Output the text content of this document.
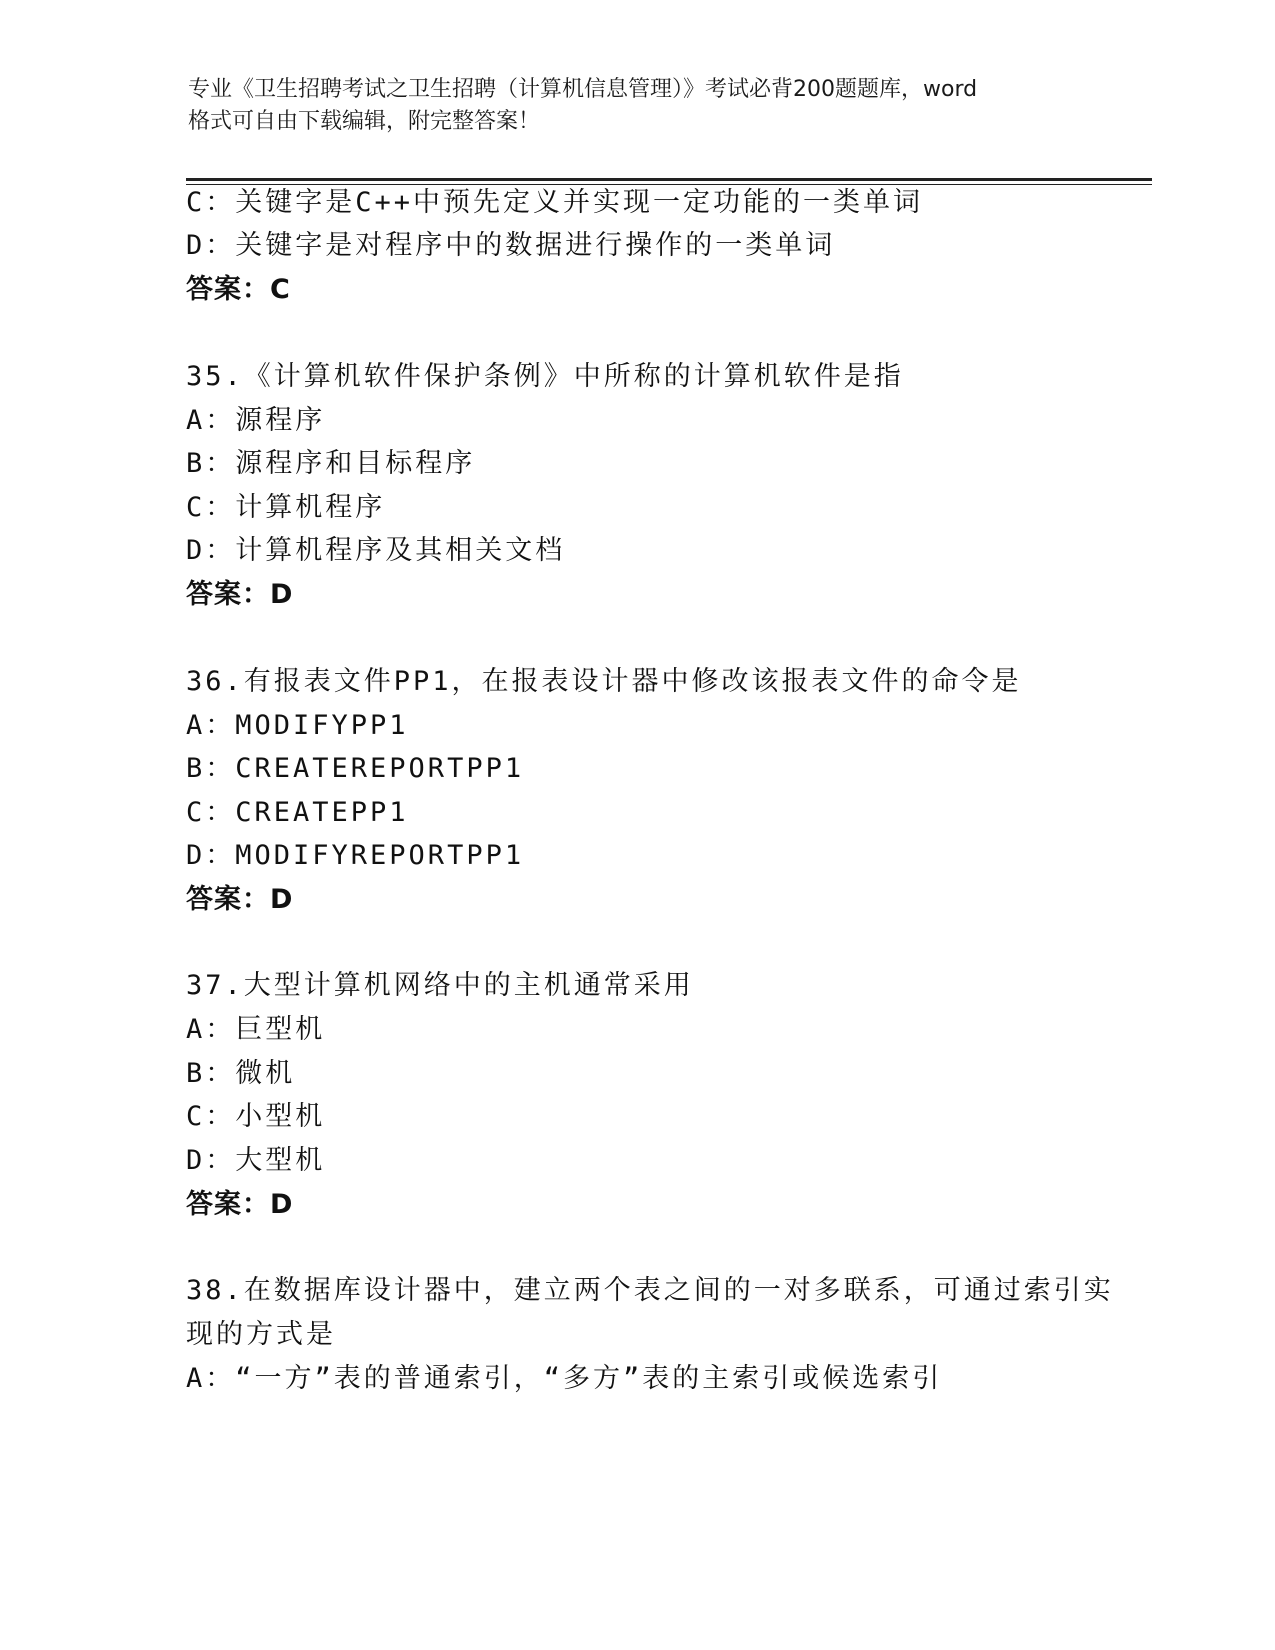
专业《卫生招聘考试之卫生招聘（计算机信息管理）》考试必背200题题库，word
格式可自由下载编辑，附完整答案！
C：关键字是C++中预先定义并实现一定功能的一类单词
D：关键字是对程序中的数据进行操作的一类单词
答案：C
35.《计算机软件保护条例》中所称的计算机软件是指
A：源程序
B：源程序和目标程序
C：计算机程序
D：计算机程序及其相关文档
答案：D
36.有报表文件PP1，在报表设计器中修改该报表文件的命令是
A：MODIFYPP1
B：CREATEREPORTPP1
C：CREATEPP1
D：MODIFYREPORTPP1
答案：D
37.大型计算机网络中的主机通常采用
A：巨型机
B：微机
C：小型机
D：大型机
答案：D
38.在数据库设计器中，建立两个表之间的一对多联系，可通过索引实
现的方式是
A：“一方”表的普通索引，“多方”表的主索引或候选索引
